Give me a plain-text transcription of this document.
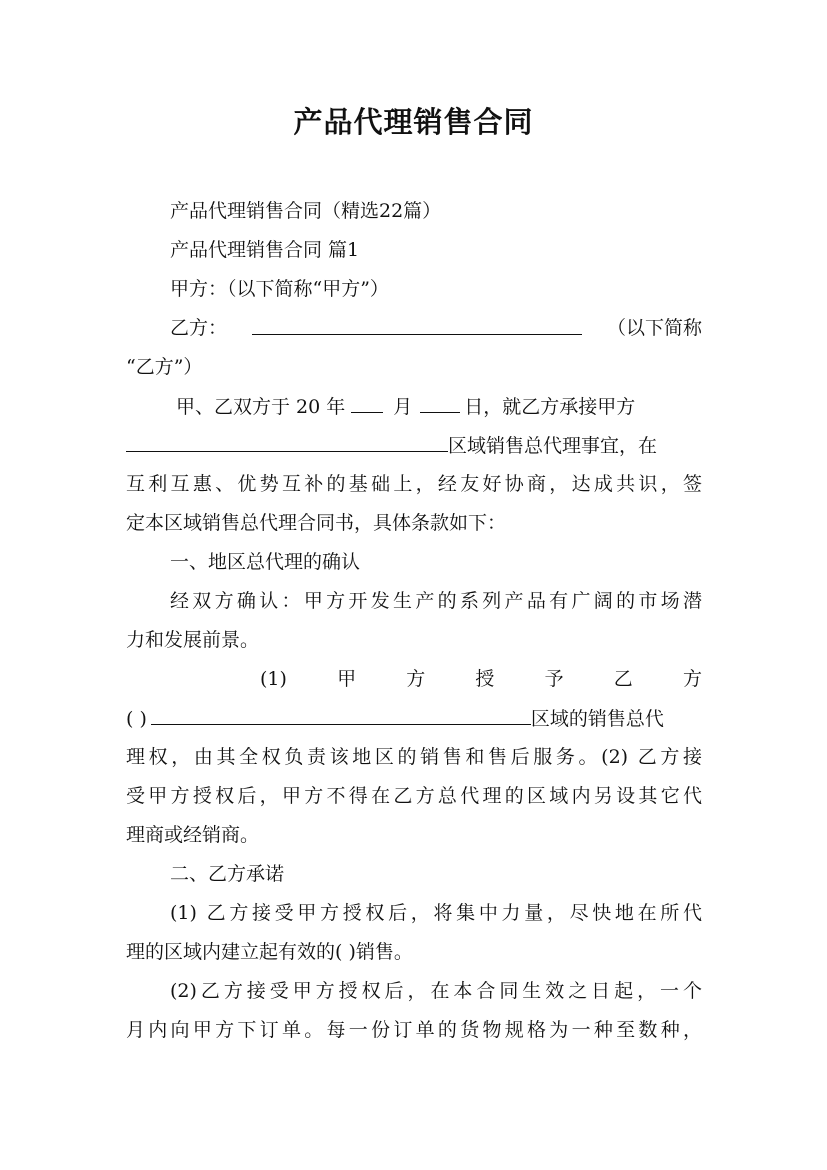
产品代理销售合同
产品代理销售合同（精选22篇）
产品代理销售合同 篇1
甲方：（以下简称“甲方”）
乙方：	（以下简称
“乙方”）
甲、乙双方于 20 年	月	日，就乙方承接甲方
区域销售总代理事宜，在
互利互惠、优势互补的基础上，经友好协商，达成共识，签
定本区域销售总代理合同书，具体条款如下：
一、地区总代理的确认
经双方确认：甲方开发生产的系列产品有广阔的市场潜
力和发展前景。
(1)	甲	方	授	予	乙	方
( )	区域的销售总代
理权，由其全权负责该地区的销售和售后服务。(2) 乙方接
受甲方授权后，甲方不得在乙方总代理的区域内另设其它代
理商或经销商。
二、乙方承诺
(1) 乙方接受甲方授权后，将集中力量，尽快地在所代
理的区域内建立起有效的( )销售。
(2)乙方接受甲方授权后，在本合同生效之日起，一个
月内向甲方下订单。每一份订单的货物规格为一种至数种，
